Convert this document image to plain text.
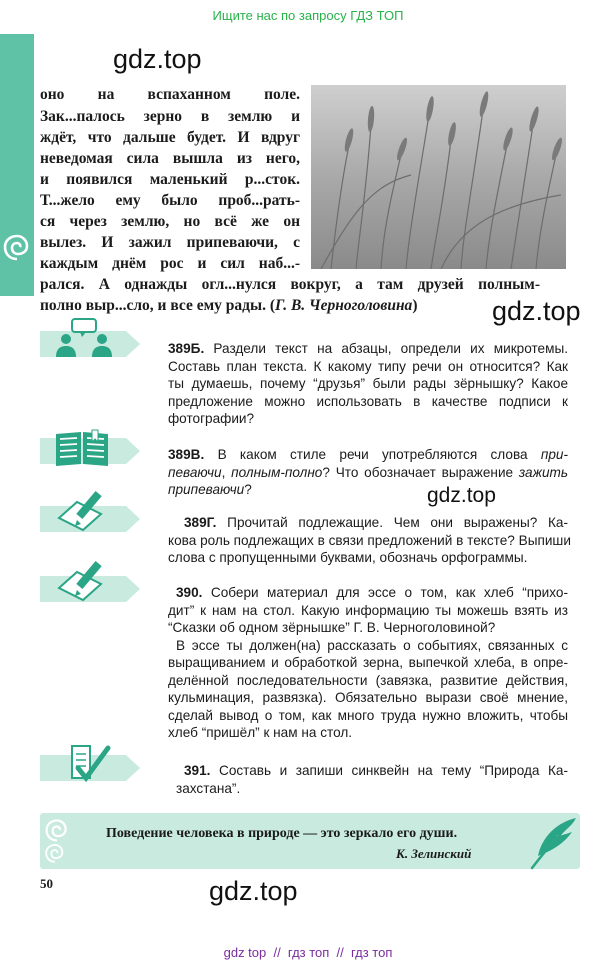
Ищите нас по запросу ГДЗ ТОП
gdz.top
gdz.top
gdz.top
gdz.top
оно на вспаханном поле.
Зак...палось зерно в землю и
ждёт, что дальше будет. И вдруг
неведомая сила вышла из него,
и появился маленький р...сток.
Т...жело ему было проб...рать-
ся через землю, но всё же он
вылез. И зажил припеваючи, с
каждым днём рос и сил наб...-
рался. А однажды огл...нулся вокруг, а там друзей полным-
полно выр...сло, и все ему рады. (Г. В. Черноголовина)
389Б. Раздели текст на абзацы, определи их микротемы.
Составь план текста. К какому типу речи он относится? Как
ты думаешь, почему “друзья” были рады зёрнышку? Какое
предложение можно использовать в качестве подписи к
фотографии?
389В. В каком стиле речи употребляются слова при-
певаючи, полным-полно? Что обозначает выражение зажить
припеваючи?
389Г. Прочитай подлежащие. Чем они выражены? Ка-
кова роль подлежащих в связи предложений в тексте? Выпиши
слова с пропущенными буквами, обозначь орфограммы.
390. Собери материал для эссе о том, как хлеб “прихо-
дит” к нам на стол. Какую информацию ты можешь взять из
“Сказки об одном зёрнышке” Г. В. Черноголовиной?
В эссе ты должен(на) рассказать о событиях, связанных с
выращиванием и обработкой зерна, выпечкой хлеба, в опре-
делённой последовательности (завязка, развитие действия,
кульминация, развязка). Обязательно вырази своё мнение,
сделай вывод о том, как много труда нужно вложить, чтобы
хлеб “пришёл” к нам на стол.
391. Составь и запиши синквейн на тему “Природа Ка-
захстана”.
Поведение человека в природе — это зеркало его души.
К. Зелинский
50
gdz top  //  гдз топ  //  гдз топ
